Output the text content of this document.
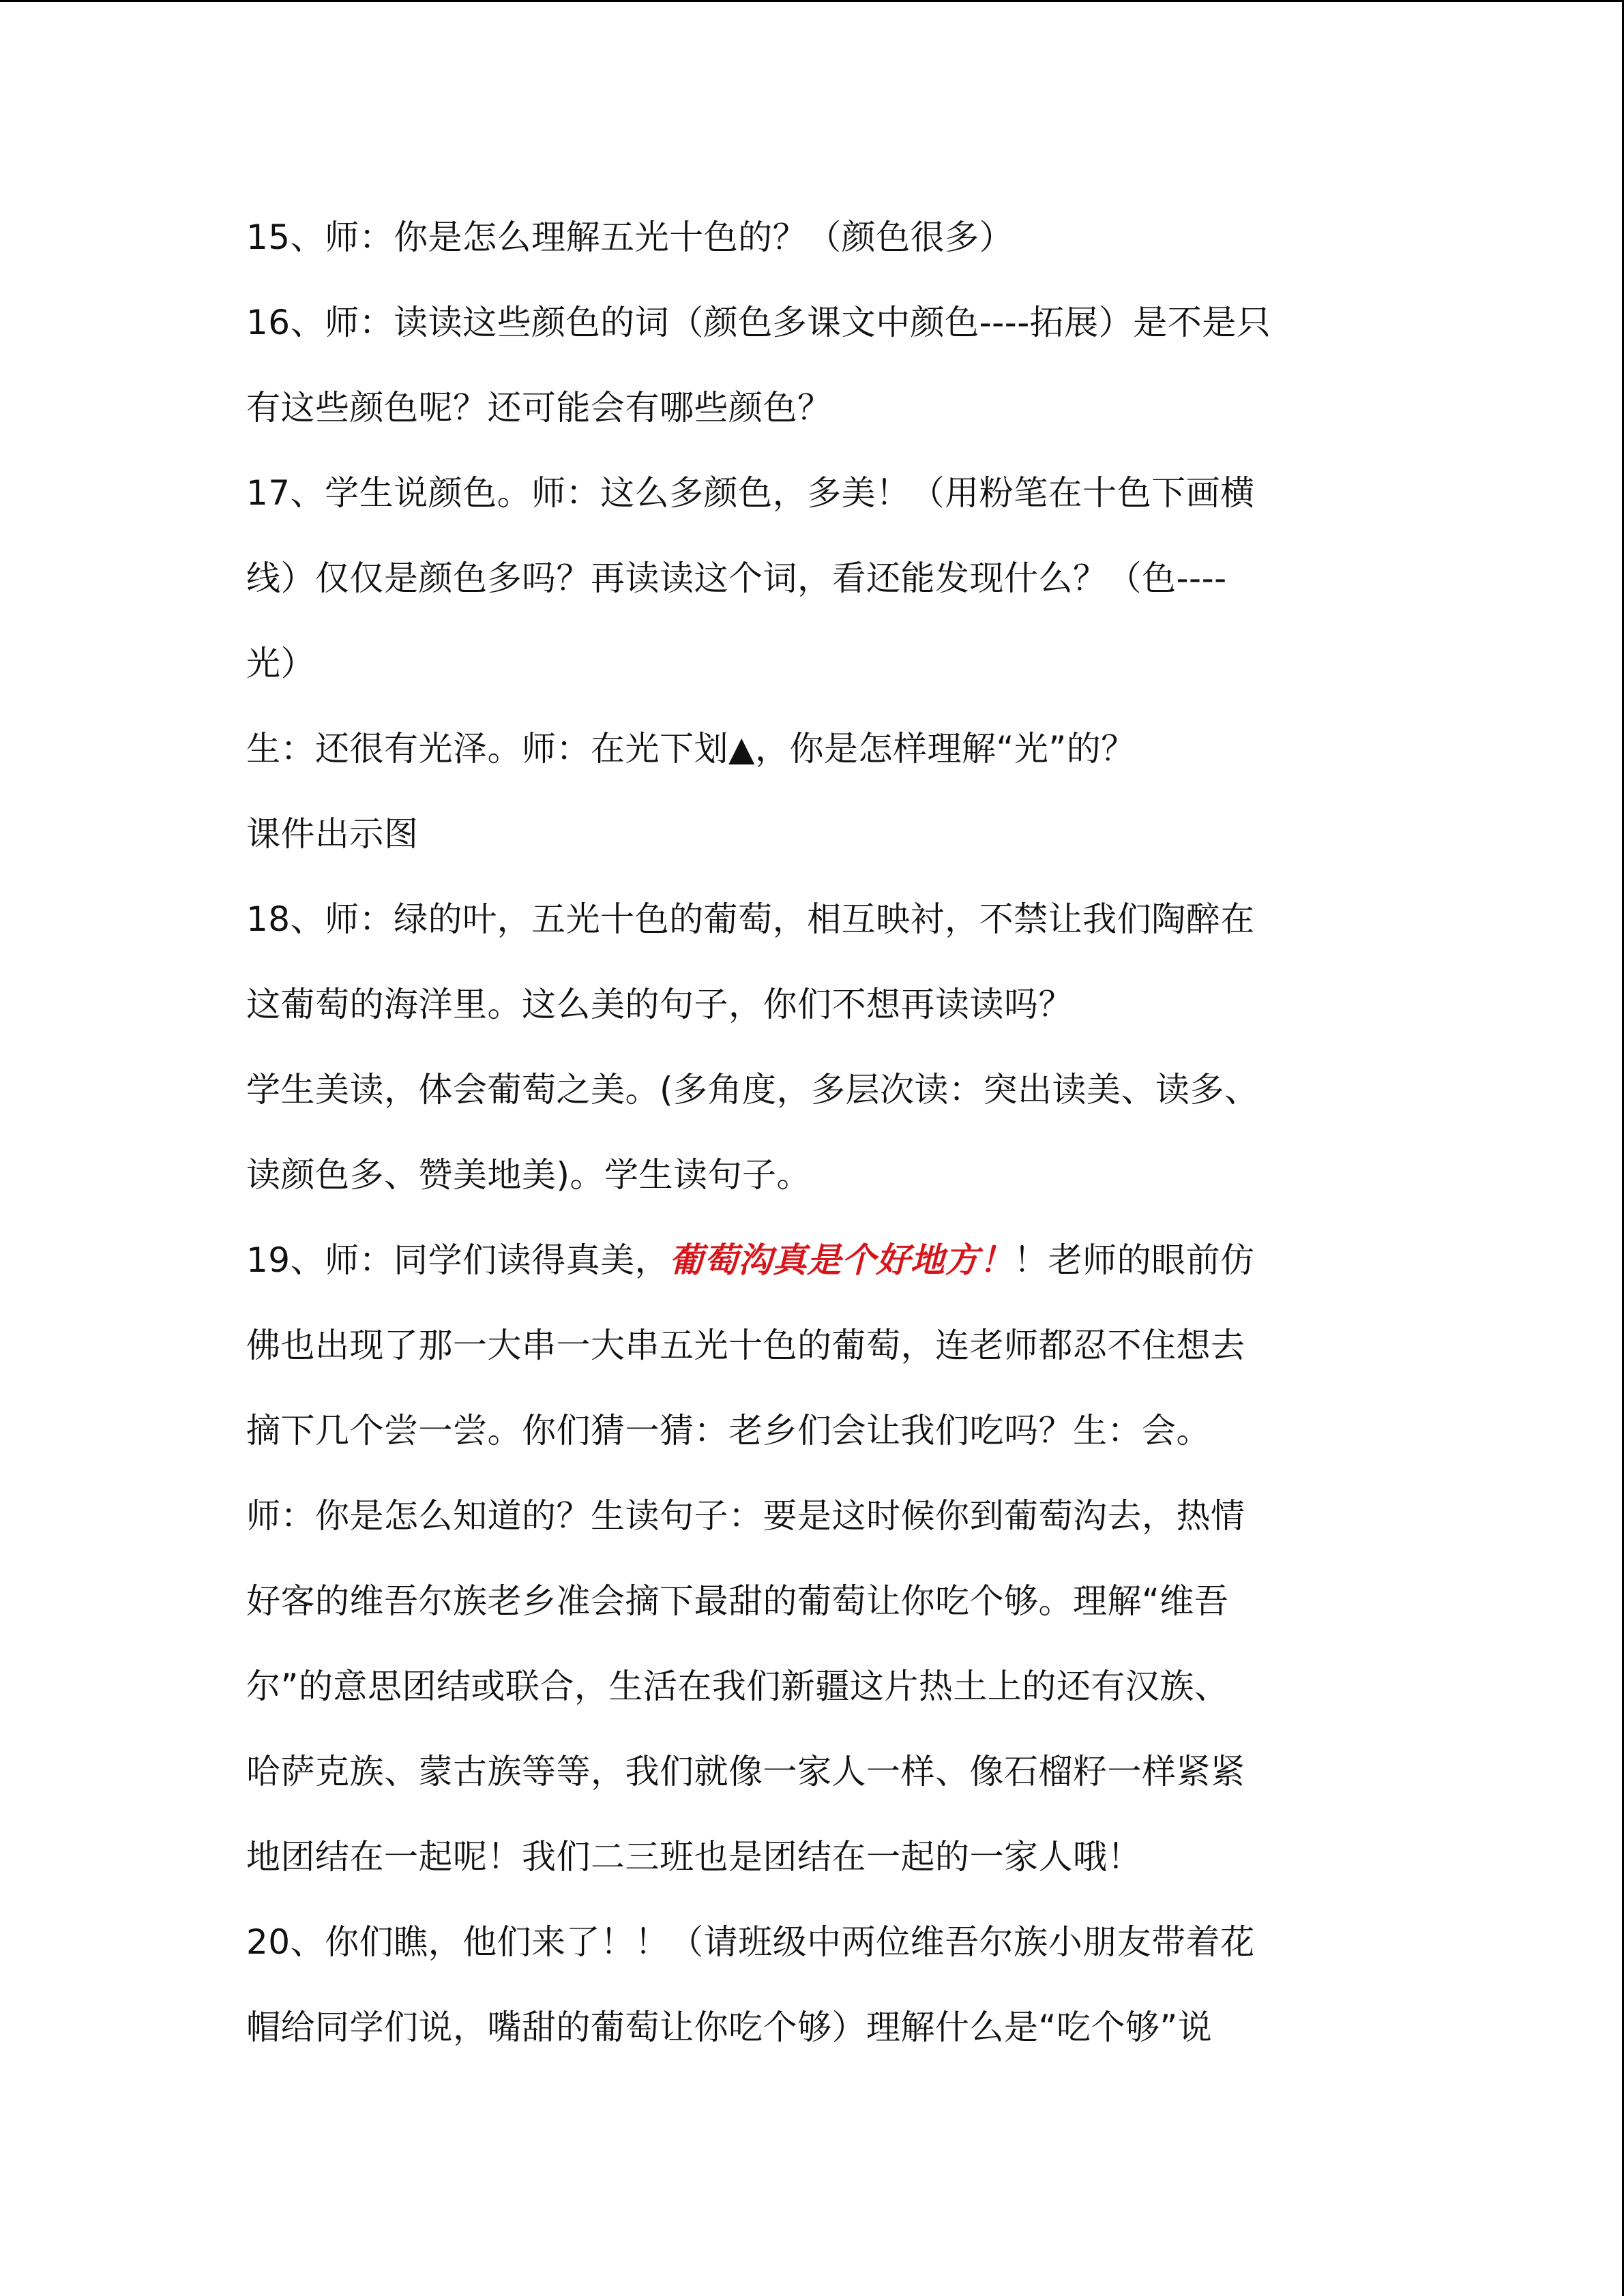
15、师：你是怎么理解五光十色的？（颜色很多）
16、师：读读这些颜色的词（颜色多课文中颜色----拓展）是不是只
有这些颜色呢？还可能会有哪些颜色？
17、学生说颜色。师：这么多颜色，多美！（用粉笔在十色下画横
线）仅仅是颜色多吗？再读读这个词，看还能发现什么？（色----
光）
生：还很有光泽。师：在光下划▲，你是怎样理解“光”的？
课件出示图
18、师：绿的叶，五光十色的葡萄，相互映衬，不禁让我们陶醉在
这葡萄的海洋里。这么美的句子，你们不想再读读吗？
学生美读，体会葡萄之美。(多角度，多层次读：突出读美、读多、
读颜色多、赞美地美)。学生读句子。
19、师：同学们读得真美，葡萄沟真是个好地方！！老师的眼前仿
佛也出现了那一大串一大串五光十色的葡萄，连老师都忍不住想去
摘下几个尝一尝。你们猜一猜：老乡们会让我们吃吗？生：会。
师：你是怎么知道的？生读句子：要是这时候你到葡萄沟去，热情
好客的维吾尔族老乡准会摘下最甜的葡萄让你吃个够。理解“维吾
尔”的意思团结或联合，生活在我们新疆这片热土上的还有汉族、
哈萨克族、蒙古族等等，我们就像一家人一样、像石榴籽一样紧紧
地团结在一起呢！我们二三班也是团结在一起的一家人哦！
20、你们瞧，他们来了！！（请班级中两位维吾尔族小朋友带着花
帽给同学们说，嘴甜的葡萄让你吃个够）理解什么是“吃个够”说
